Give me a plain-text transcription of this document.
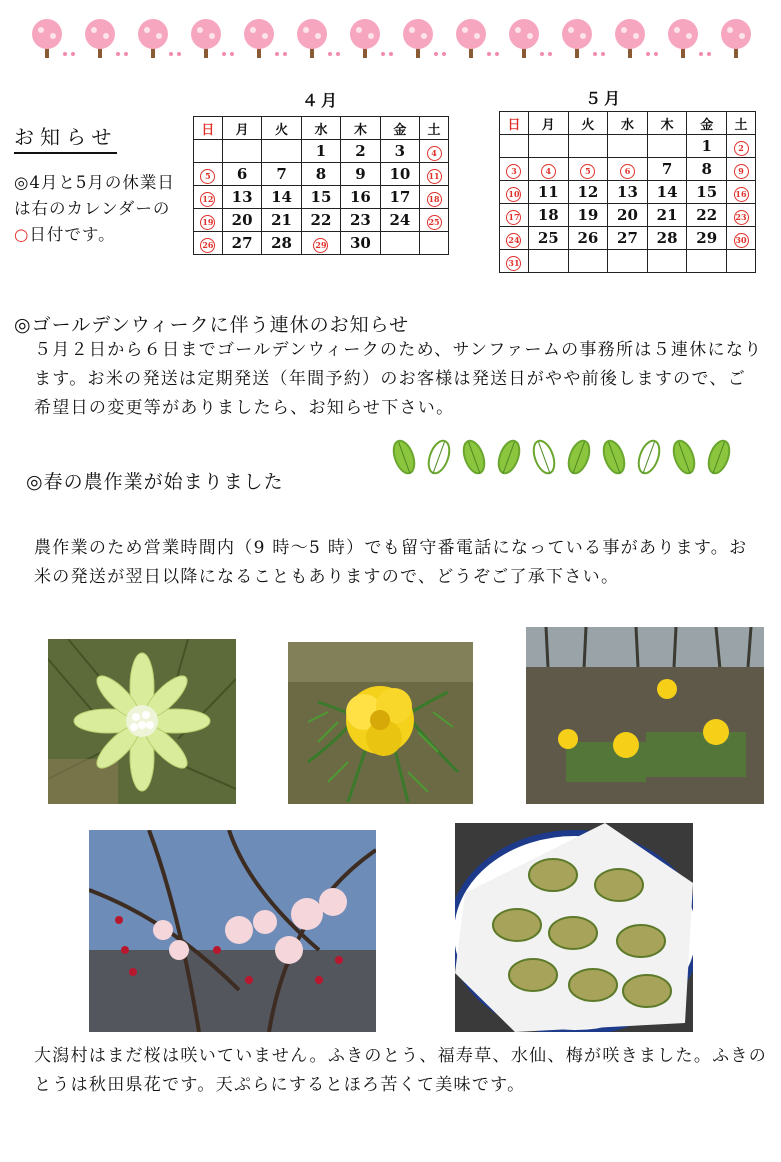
お知らせ
◎4月と5月の休業日は右のカレンダーの○日付です。
４月
日	月	火	水	木	金	土
			1	2	3	4
5	6	7	8	9	10	11
12	13	14	15	16	17	18
19	20	21	22	23	24	25
26	27	28	29	30		
５月
日	月	火	水	木	金	土
					1	2
3	4	5	6	7	8	9
10	11	12	13	14	15	16
17	18	19	20	21	22	23
24	25	26	27	28	29	30
31						
◎ゴールデンウィークに伴う連休のお知らせ
５月２日から６日までゴールデンウィークのため、サンファームの事務所は５連休になります。お米の発送は定期発送（年間予約）のお客様は発送日がやや前後しますので、ご希望日の変更等がありましたら、お知らせ下さい。
◎春の農作業が始まりました
農作業のため営業時間内（9 時～5 時）でも留守番電話になっている事があります。お米の発送が翌日以降になることもありますので、どうぞご了承下さい。
大潟村はまだ桜は咲いていません。ふきのとう、福寿草、水仙、梅が咲きました。ふきのとうは秋田県花です。天ぷらにするとほろ苦くて美味です。
